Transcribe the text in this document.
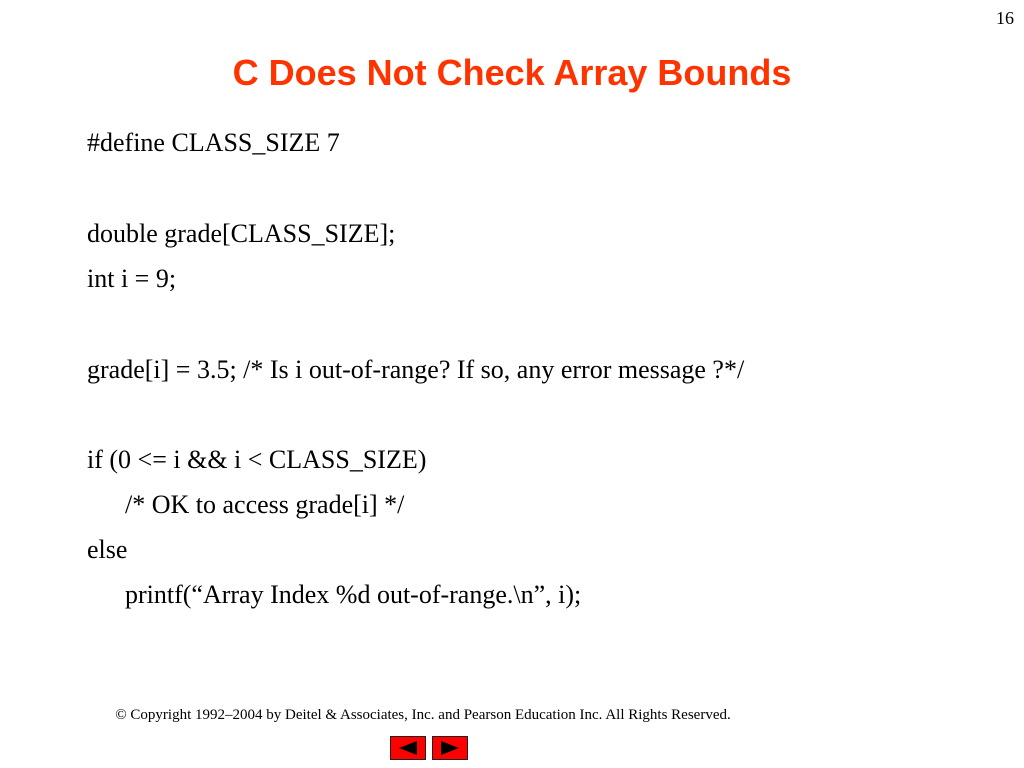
16
C Does Not Check Array Bounds

#define CLASS_SIZE 7

double grade[CLASS_SIZE];

int i = 9;

grade[i] = 3.5; /* Is i out-of-range? If so, any error message ?*/

if (0 <= i && i < CLASS_SIZE)

/* OK to access grade[i] */

else

printf(“Array Index %d out-of-range.\n”, i);

© Copyright 1992–2004 by Deitel & Associates, Inc. and Pearson Education Inc. All Rights Reserved.
